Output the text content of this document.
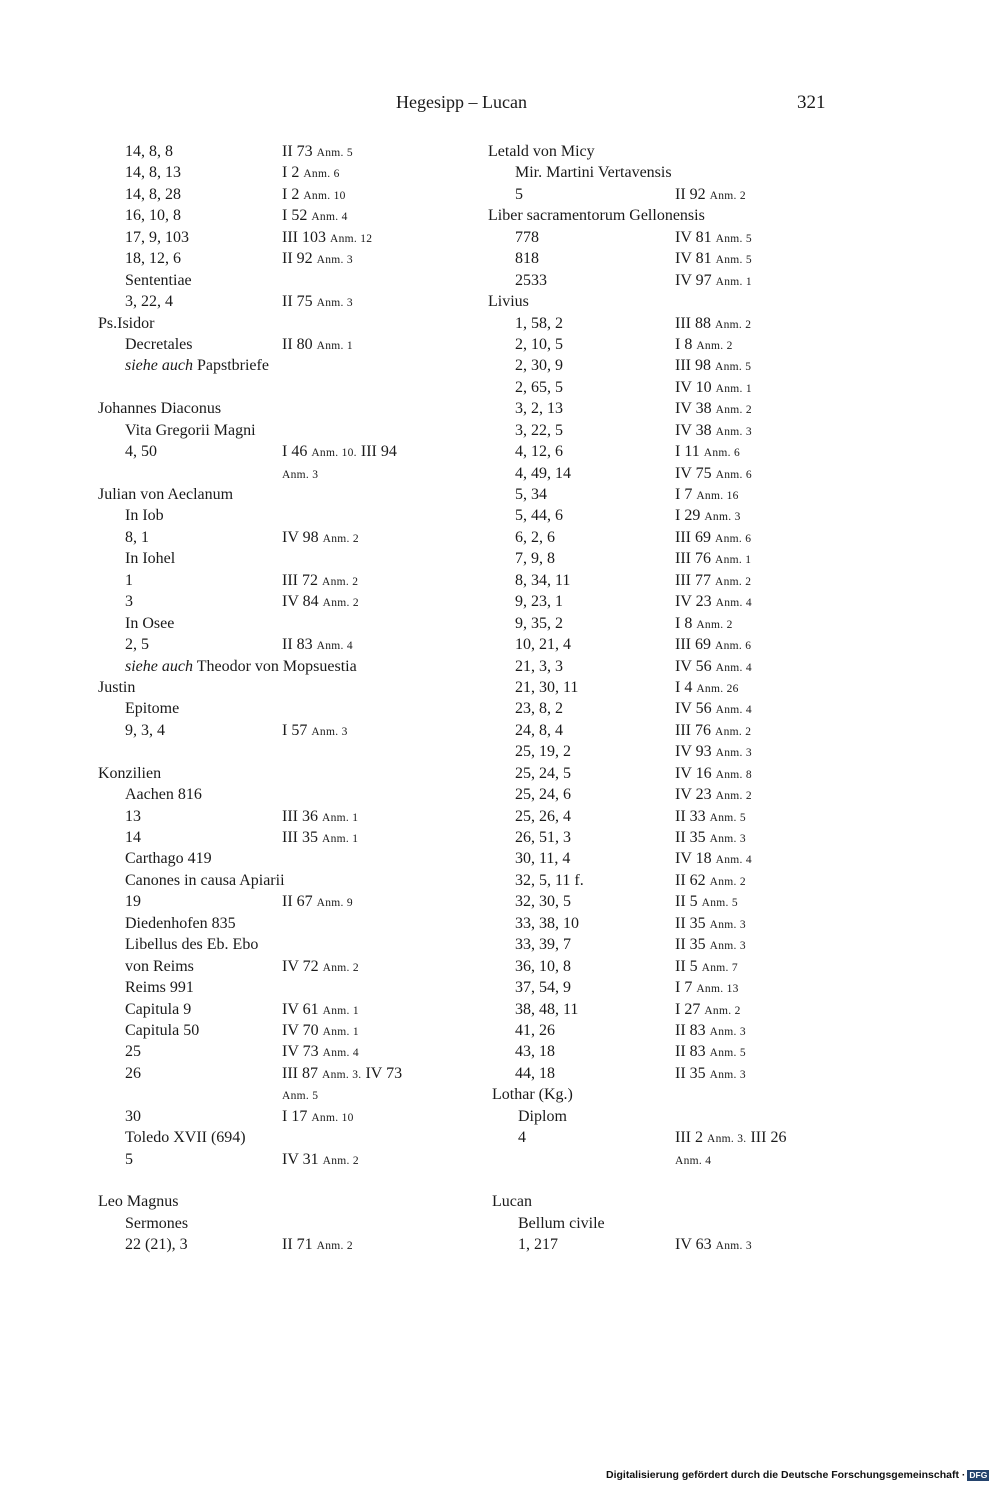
Hegesipp – Lucan	321
14, 8, 8	II 73 Anm. 5
14, 8, 13	I 2 Anm. 6
14, 8, 28	I 2 Anm. 10
16, 10, 8	I 52 Anm. 4
17, 9, 103	III 103 Anm. 12
18, 12, 6	II 92 Anm. 3
Sententiae
3, 22, 4	II 75 Anm. 3
Ps.Isidor
Decretales	II 80 Anm. 1
siehe auch Papstbriefe
Johannes Diaconus
Vita Gregorii Magni
4, 50	I 46 Anm. 10. III 94
Anm. 3
Julian von Aeclanum
In Iob
8, 1	IV 98 Anm. 2
In Iohel
1	III 72 Anm. 2
3	IV 84 Anm. 2
In Osee
2, 5	II 83 Anm. 4
siehe auch Theodor von Mopsuestia
Justin
Epitome
9, 3, 4	I 57 Anm. 3
Konzilien
Aachen 816
13	III 36 Anm. 1
14	III 35 Anm. 1
Carthago 419
Canones in causa Apiarii
19	II 67 Anm. 9
Diedenhofen 835
Libellus des Eb. Ebo
von Reims	IV 72 Anm. 2
Reims 991
Capitula 9	IV 61 Anm. 1
Capitula 50	IV 70 Anm. 1
25	IV 73 Anm. 4
26	III 87 Anm. 3. IV 73
Anm. 5
30	I 17 Anm. 10
Toledo XVII (694)
5	IV 31 Anm. 2
Leo Magnus
Sermones
22 (21), 3	II 71 Anm. 2
Letald von Micy
Mir. Martini Vertavensis
5	II 92 Anm. 2
Liber sacramentorum Gellonensis
778	IV 81 Anm. 5
818	IV 81 Anm. 5
2533	IV 97 Anm. 1
Livius
1, 58, 2	III 88 Anm. 2
2, 10, 5	I 8 Anm. 2
2, 30, 9	III 98 Anm. 5
2, 65, 5	IV 10 Anm. 1
3, 2, 13	IV 38 Anm. 2
3, 22, 5	IV 38 Anm. 3
4, 12, 6	I 11 Anm. 6
4, 49, 14	IV 75 Anm. 6
5, 34	I 7 Anm. 16
5, 44, 6	I 29 Anm. 3
6, 2, 6	III 69 Anm. 6
7, 9, 8	III 76 Anm. 1
8, 34, 11	III 77 Anm. 2
9, 23, 1	IV 23 Anm. 4
9, 35, 2	I 8 Anm. 2
10, 21, 4	III 69 Anm. 6
21, 3, 3	IV 56 Anm. 4
21, 30, 11	I 4 Anm. 26
23, 8, 2	IV 56 Anm. 4
24, 8, 4	III 76 Anm. 2
25, 19, 2	IV 93 Anm. 3
25, 24, 5	IV 16 Anm. 8
25, 24, 6	IV 23 Anm. 2
25, 26, 4	II 33 Anm. 5
26, 51, 3	II 35 Anm. 3
30, 11, 4	IV 18 Anm. 4
32, 5, 11 f.	II 62 Anm. 2
32, 30, 5	II 5 Anm. 5
33, 38, 10	II 35 Anm. 3
33, 39, 7	II 35 Anm. 3
36, 10, 8	II 5 Anm. 7
37, 54, 9	I 7 Anm. 13
38, 48, 11	I 27 Anm. 2
41, 26	II 83 Anm. 3
43, 18	II 83 Anm. 5
44, 18	II 35 Anm. 3
Lothar (Kg.)
Diplom
4	III 2 Anm. 3. III 26
Anm. 4
Lucan
Bellum civile
1, 217	IV 63 Anm. 3
Digitalisierung gefördert durch die Deutsche Forschungsgemeinschaft · DFG
